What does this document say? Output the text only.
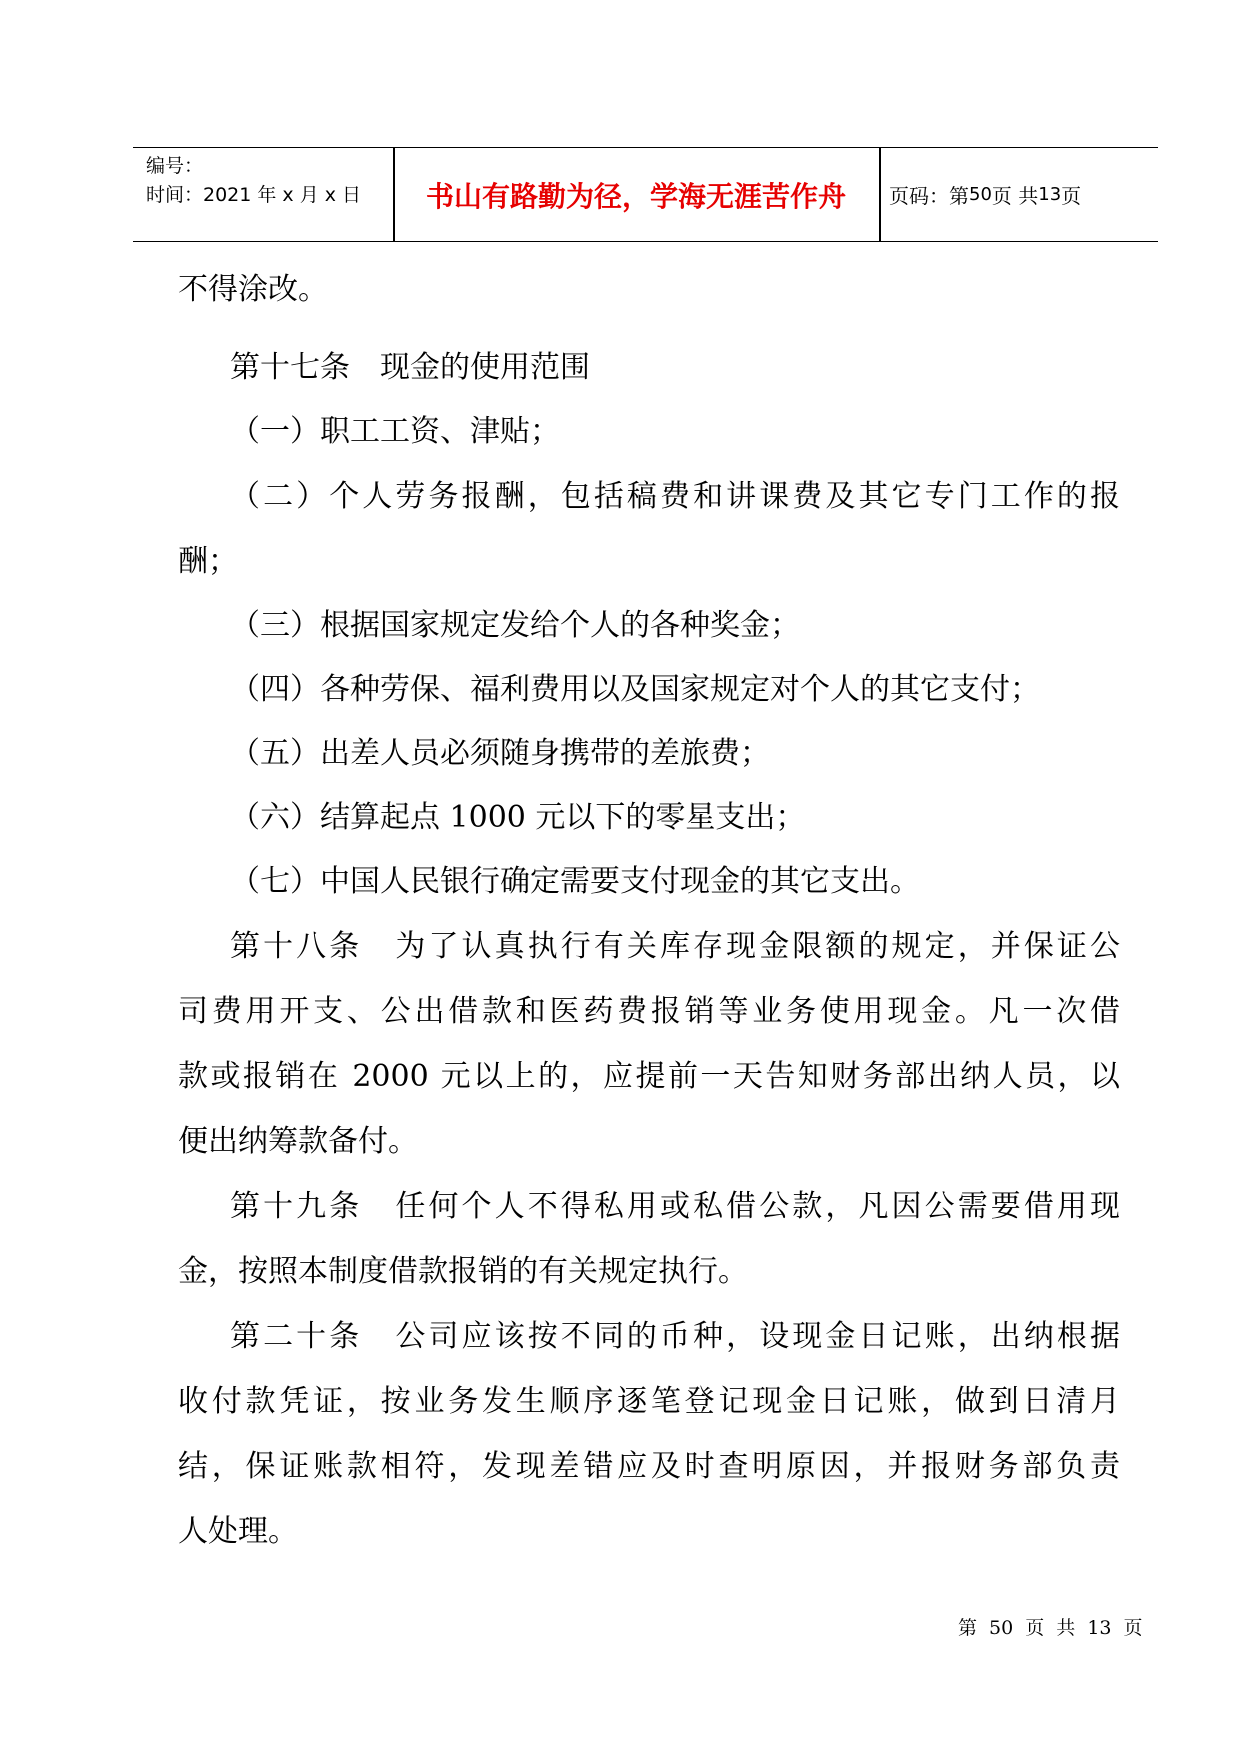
编号：
时间：2021 年 x 月 x 日	书山有路勤为径，学海无涯苦作舟	页码：第 50 页 共 13 页
不得涂改。
第十七条　现金的使用范围
（一）职工工资、津贴；
（二）个人劳务报酬，包括稿费和讲课费及其它专门工作的报
酬；
（三）根据国家规定发给个人的各种奖金；
（四）各种劳保、福利费用以及国家规定对个人的其它支付；
（五）出差人员必须随身携带的差旅费；
（六）结算起点 1000 元以下的零星支出；
（七）中国人民银行确定需要支付现金的其它支出。
第十八条　为了认真执行有关库存现金限额的规定，并保证公
司费用开支、公出借款和医药费报销等业务使用现金。凡一次借
款或报销在 2000 元以上的，应提前一天告知财务部出纳人员，以
便出纳筹款备付。
第十九条　任何个人不得私用或私借公款，凡因公需要借用现
金，按照本制度借款报销的有关规定执行。
第二十条　公司应该按不同的币种，设现金日记账，出纳根据
收付款凭证，按业务发生顺序逐笔登记现金日记账，做到日清月
结，保证账款相符，发现差错应及时查明原因，并报财务部负责
人处理。
第 50 页 共 13 页
